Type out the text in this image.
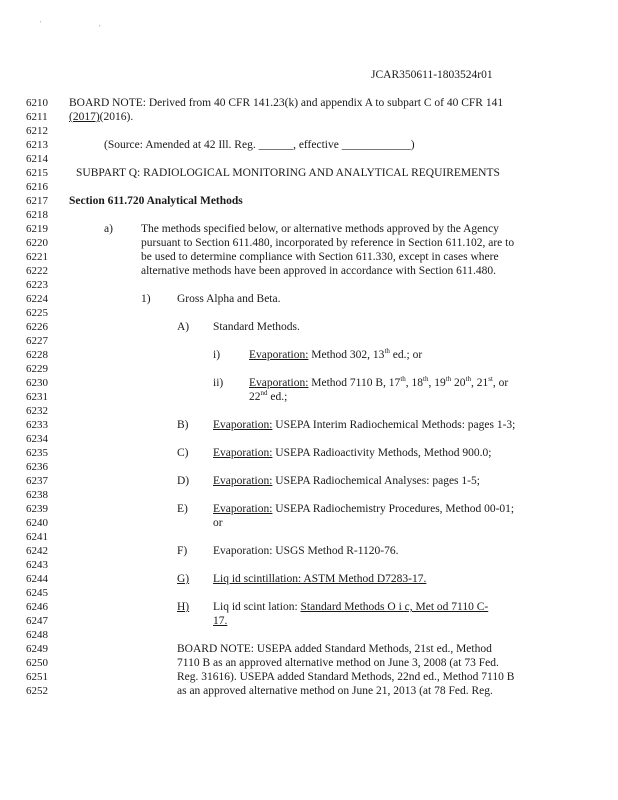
' ¸
JCAR350611-1803524r01
6210
6211
6212
6213
6214
6215
6216
6217
6218
6219
6220
6221
6222
6223
6224
6225
6226
6227
6228
6229
6230
6231
6232
6233
6234
6235
6236
6237
6238
6239
6240
6241
6242
6243
6244
6245
6246
6247
6248
6249
6250
6251
6252
BOARD NOTE: Derived from 40 CFR 141.23(k) and appendix A to subpart C of 40 CFR 141
(2017)(2016).
(Source: Amended at 42 Ill. Reg. ______, effective ____________)
SUBPART Q: RADIOLOGICAL MONITORING AND ANALYTICAL REQUIREMENTS
Section 611.720 Analytical Methods
a) The methods specified below, or alternative methods approved by the Agency
pursuant to Section 611.480, incorporated by reference in Section 611.102, are to
be used to determine compliance with Section 611.330, except in cases where
alternative methods have been approved in accordance with Section 611.480.
1) Gross Alpha and Beta.
A) Standard Methods.
i)	Evaporation: Method 302, 13th ed.; or
ii) Evaporation: Method 7110 B, 17th, 18th, 19th 20th, 21st, or
22nd ed.;
B) Evaporation: USEPA Interim Radiochemical Methods: pages 1-3;
C) Evaporation: USEPA Radioactivity Methods, Method 900.0;
D) Evaporation: USEPA Radiochemical Analyses: pages 1-5;
E) Evaporation: USEPA Radiochemistry Procedures, Method 00-01;
or
F) Evaporation: USGS Method R-1120-76.
G) Liq id scintillation: ASTM Method D7283-17.
H) Liq id scint lation: Standard Methods O i c, Met od 7110 C-
17.
BOARD NOTE: USEPA added Standard Methods, 21st ed., Method
7110 B as an approved alternative method on June 3, 2008 (at 73 Fed.
Reg. 31616). USEPA added Standard Methods, 22nd ed., Method 7110 B
as an approved alternative method on June 21, 2013 (at 78 Fed. Reg.
